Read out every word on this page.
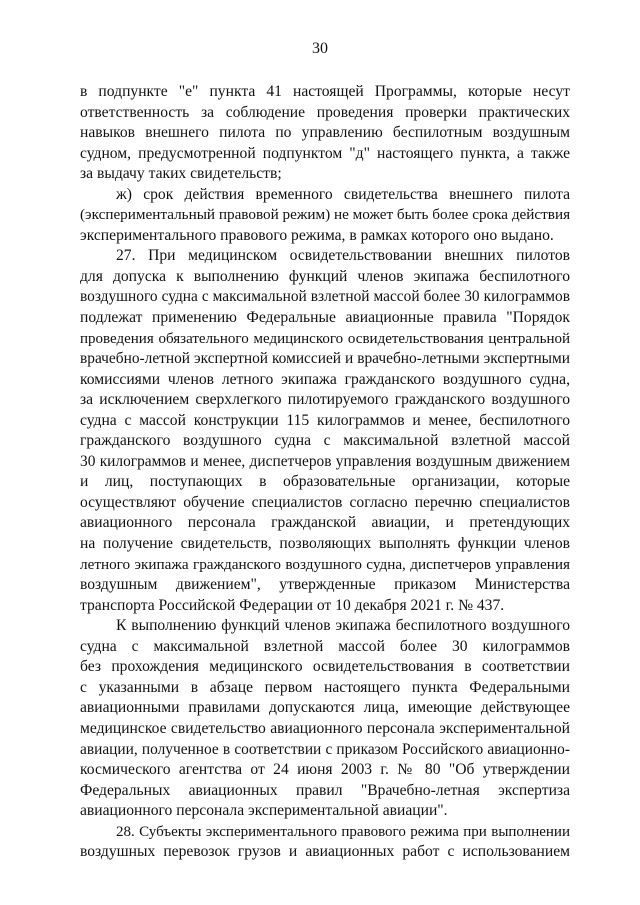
30
в подпункте "е" пункта 41 настоящей Программы, которые несут
ответственность за соблюдение проведения проверки практических
навыков внешнего пилота по управлению беспилотным воздушным
судном, предусмотренной подпунктом "д" настоящего пункта, а также
за выдачу таких свидетельств;
ж) срок действия временного свидетельства внешнего пилота
(экспериментальный правовой режим) не может быть более срока действия
экспериментального правового режима, в рамках которого оно выдано.
27. При медицинском освидетельствовании внешних пилотов
для допуска к выполнению функций членов экипажа беспилотного
воздушного судна с максимальной взлетной массой более 30 килограммов
подлежат применению Федеральные авиационные правила "Порядок
проведения обязательного медицинского освидетельствования центральной
врачебно-летной экспертной комиссией и врачебно-летными экспертными
комиссиями членов летного экипажа гражданского воздушного судна,
за исключением сверхлегкого пилотируемого гражданского воздушного
судна с массой конструкции 115 килограммов и менее, беспилотного
гражданского воздушного судна с максимальной взлетной массой
30 килограммов и менее, диспетчеров управления воздушным движением
и лиц, поступающих в образовательные организации, которые
осуществляют обучение специалистов согласно перечню специалистов
авиационного персонала гражданской авиации, и претендующих
на получение свидетельств, позволяющих выполнять функции членов
летного экипажа гражданского воздушного судна, диспетчеров управления
воздушным движением", утвержденные приказом Министерства
транспорта Российской Федерации от 10 декабря 2021 г. № 437.
К выполнению функций членов экипажа беспилотного воздушного
судна с максимальной взлетной массой более 30 килограммов
без прохождения медицинского освидетельствования в соответствии
с указанными в абзаце первом настоящего пункта Федеральными
авиационными правилами допускаются лица, имеющие действующее
медицинское свидетельство авиационного персонала экспериментальной
авиации, полученное в соответствии с приказом Российского авиационно-
космического агентства от 24 июня 2003 г. № 80 "Об утверждении
Федеральных авиационных правил "Врачебно-летная экспертиза
авиационного персонала экспериментальной авиации".
28. Субъекты экспериментального правового режима при выполнении
воздушных перевозок грузов и авиационных работ с использованием
